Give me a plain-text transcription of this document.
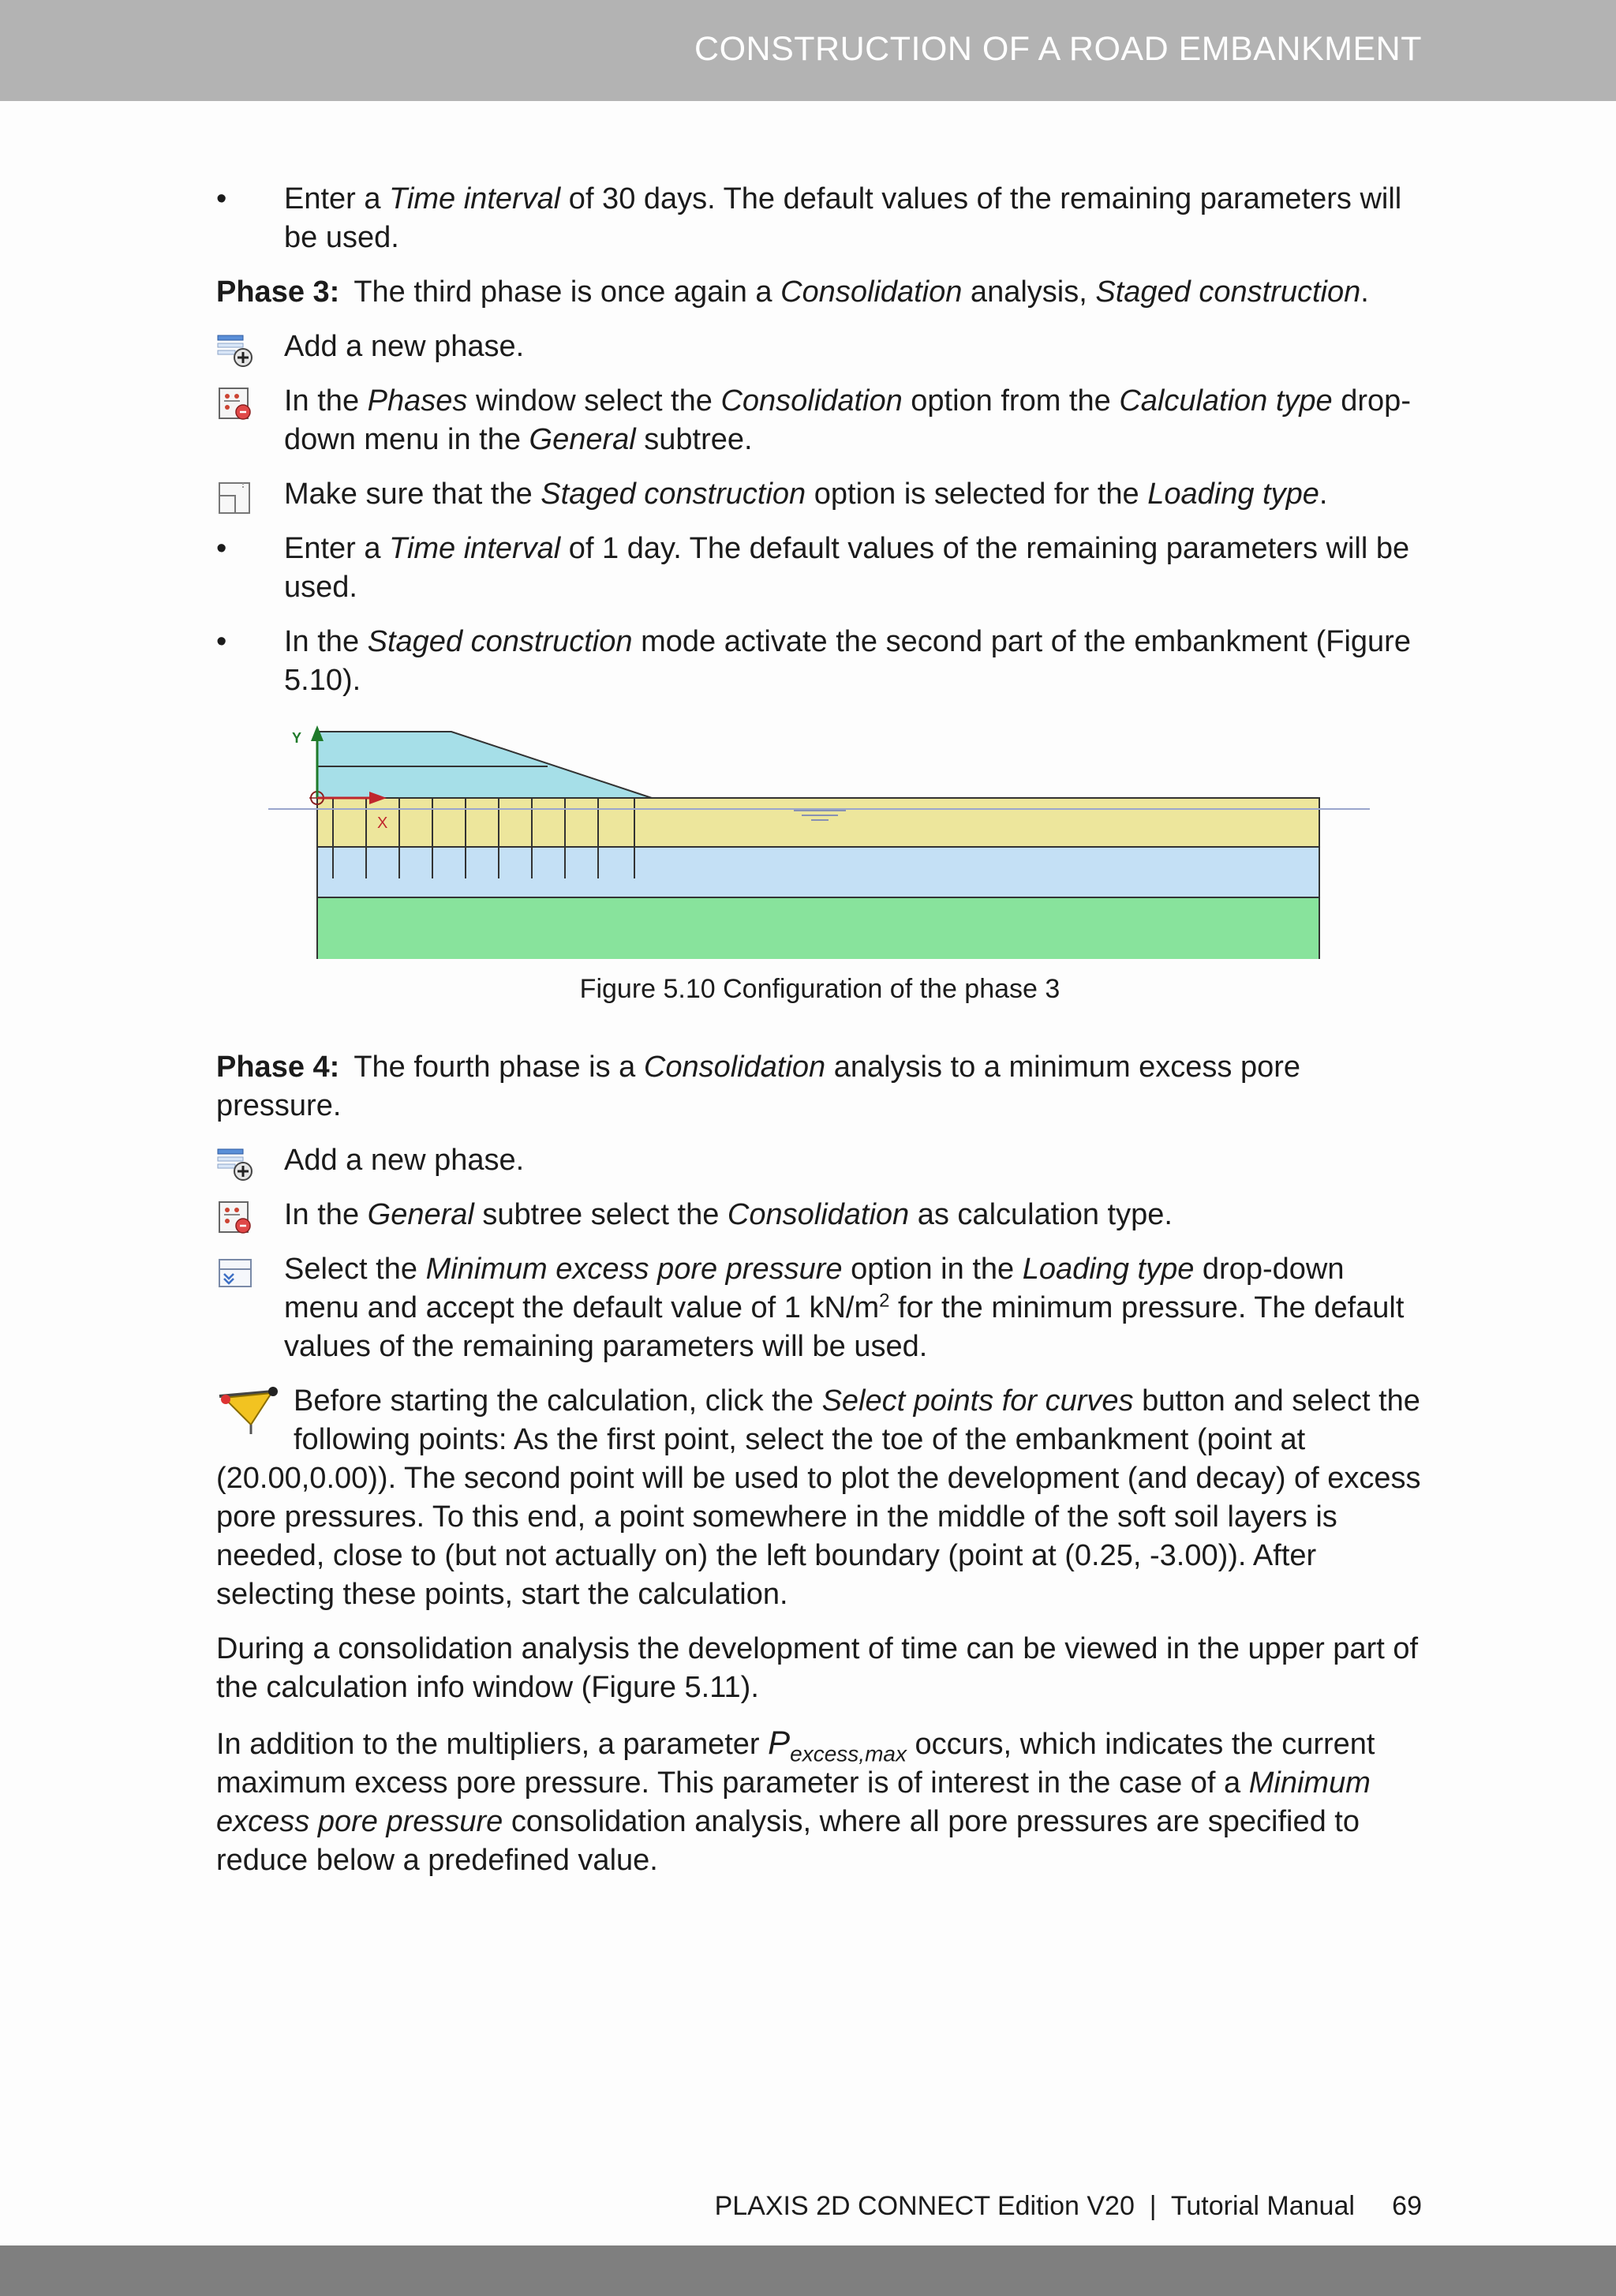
CONSTRUCTION OF A ROAD EMBANKMENT
•	Enter a Time interval of 30 days. The default values of the remaining parameters will be used.
Phase 3: The third phase is once again a Consolidation analysis, Staged construction.
Add a new phase.
In the Phases window select the Consolidation option from the Calculation type drop-down menu in the General subtree.
Make sure that the Staged construction option is selected for the Loading type.
•	Enter a Time interval of 1 day. The default values of the remaining parameters will be used.
•	In the Staged construction mode activate the second part of the embankment (Figure 5.10).
Y
X
Figure 5.10 Configuration of the phase 3
Phase 4: The fourth phase is a Consolidation analysis to a minimum excess pore pressure.
Add a new phase.
In the General subtree select the Consolidation as calculation type.
Select the Minimum excess pore pressure option in the Loading type drop-down menu and accept the default value of 1 $kN/m^2$ for the minimum pressure. The default values of the remaining parameters will be used.
Before starting the calculation, click the Select points for curves button and select the following points: As the first point, select the toe of the embankment (point at (20.00,0.00)). The second point will be used to plot the development (and decay) of excess pore pressures. To this end, a point somewhere in the middle of the soft soil layers is needed, close to (but not actually on) the left boundary (point at (0.25, -3.00)). After selecting these points, start the calculation.
During a consolidation analysis the development of time can be viewed in the upper part of the calculation info window (Figure 5.11).
In addition to the multipliers, a parameter $P_{excess,max}$ occurs, which indicates the current maximum excess pore pressure. This parameter is of interest in the case of a Minimum excess pore pressure consolidation analysis, where all pore pressures are specified to reduce below a predefined value.
PLAXIS 2D CONNECT Edition V20  |  Tutorial Manual 69
